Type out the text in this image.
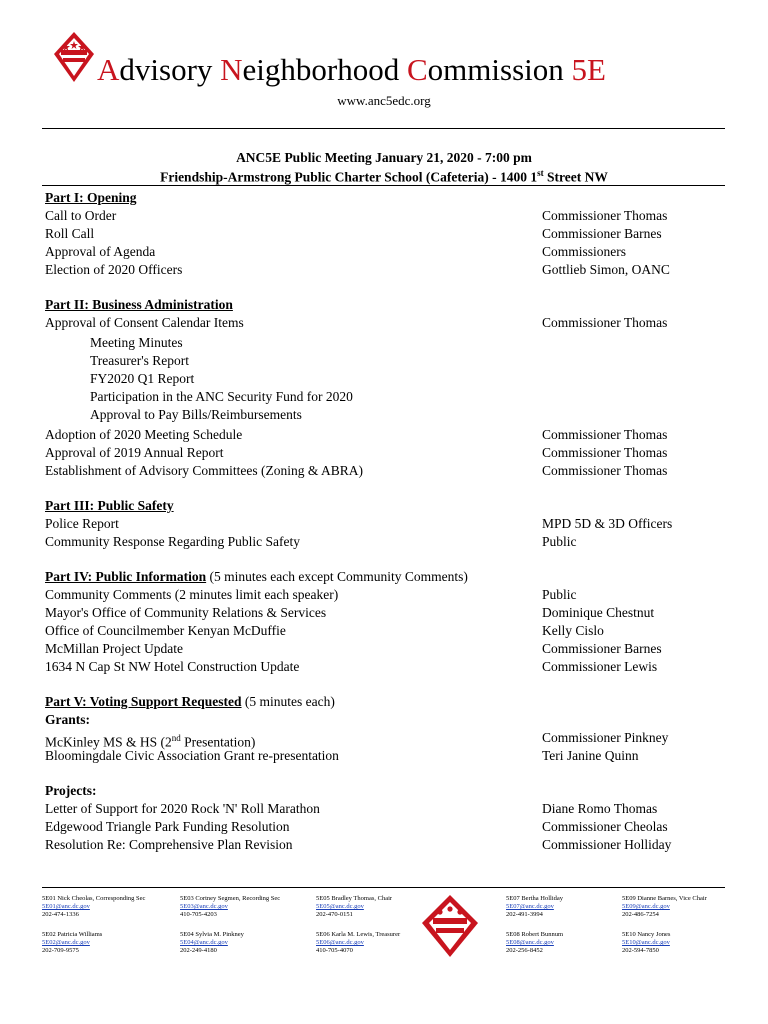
Advisory Neighborhood Commission 5E
www.anc5edc.org
ANC5E Public Meeting January 21, 2020 - 7:00 pm
Friendship-Armstrong Public Charter School (Cafeteria) - 1400 1st Street NW
Part I: Opening
Call to Order	Commissioner Thomas
Roll Call	Commissioner Barnes
Approval of Agenda	Commissioners
Election of 2020 Officers	Gottlieb Simon, OANC
Part II: Business Administration
Approval of Consent Calendar Items	Commissioner Thomas
Meeting Minutes
Treasurer's Report
FY2020 Q1 Report
Participation in the ANC Security Fund for 2020
Approval to Pay Bills/Reimbursements
Adoption of 2020 Meeting Schedule	Commissioner Thomas
Approval of 2019 Annual Report	Commissioner Thomas
Establishment of Advisory Committees (Zoning & ABRA)	Commissioner Thomas
Part III: Public Safety
Police Report	MPD 5D & 3D Officers
Community Response Regarding Public Safety	Public
Part IV: Public Information (5 minutes each except Community Comments)
Community Comments (2 minutes limit each speaker)	Public
Mayor's Office of Community Relations & Services	Dominique Chestnut
Office of Councilmember Kenyan McDuffie	Kelly Cislo
McMillan Project Update	Commissioner Barnes
1634 N Cap St NW Hotel Construction Update	Commissioner Lewis
Part V: Voting Support Requested (5 minutes each)
Grants:
McKinley MS & HS (2nd Presentation)	Commissioner Pinkney
Bloomingdale Civic Association Grant re-presentation	Teri Janine Quinn
Projects:
Letter of Support for 2020 Rock 'N' Roll Marathon	Diane Romo Thomas
Edgewood Triangle Park Funding Resolution	Commissioner Cheolas
Resolution Re: Comprehensive Plan Revision	Commissioner Holliday
5E01 Nick Cheolas, Corresponding Sec
5E01@anc.dc.gov
202-474-1336
5E03 Cortney Segmen, Recording Sec
5E03@anc.dc.gov
410-705-4203
5E05 Bradley Thomas, Chair
5E05@anc.dc.gov
202-470-0151
5E07 Bertha Holliday
5E07@anc.dc.gov
202-491-3994
5E09 Dianne Barnes, Vice Chair
5E09@anc.dc.gov
202-486-7254
5E02 Patricia Williams
5E02@anc.dc.gov
202-709-9575
5E04 Sylvia M. Pinkney
5E04@anc.dc.gov
202-249-4180
5E06 Karla M. Lewis, Treasurer
5E06@anc.dc.gov
410-705-4070
5E08 Robert Bunnum
5E08@anc.dc.gov
202-256-8452
5E10 Nancy Jones
5E10@anc.dc.gov
202-594-7850
